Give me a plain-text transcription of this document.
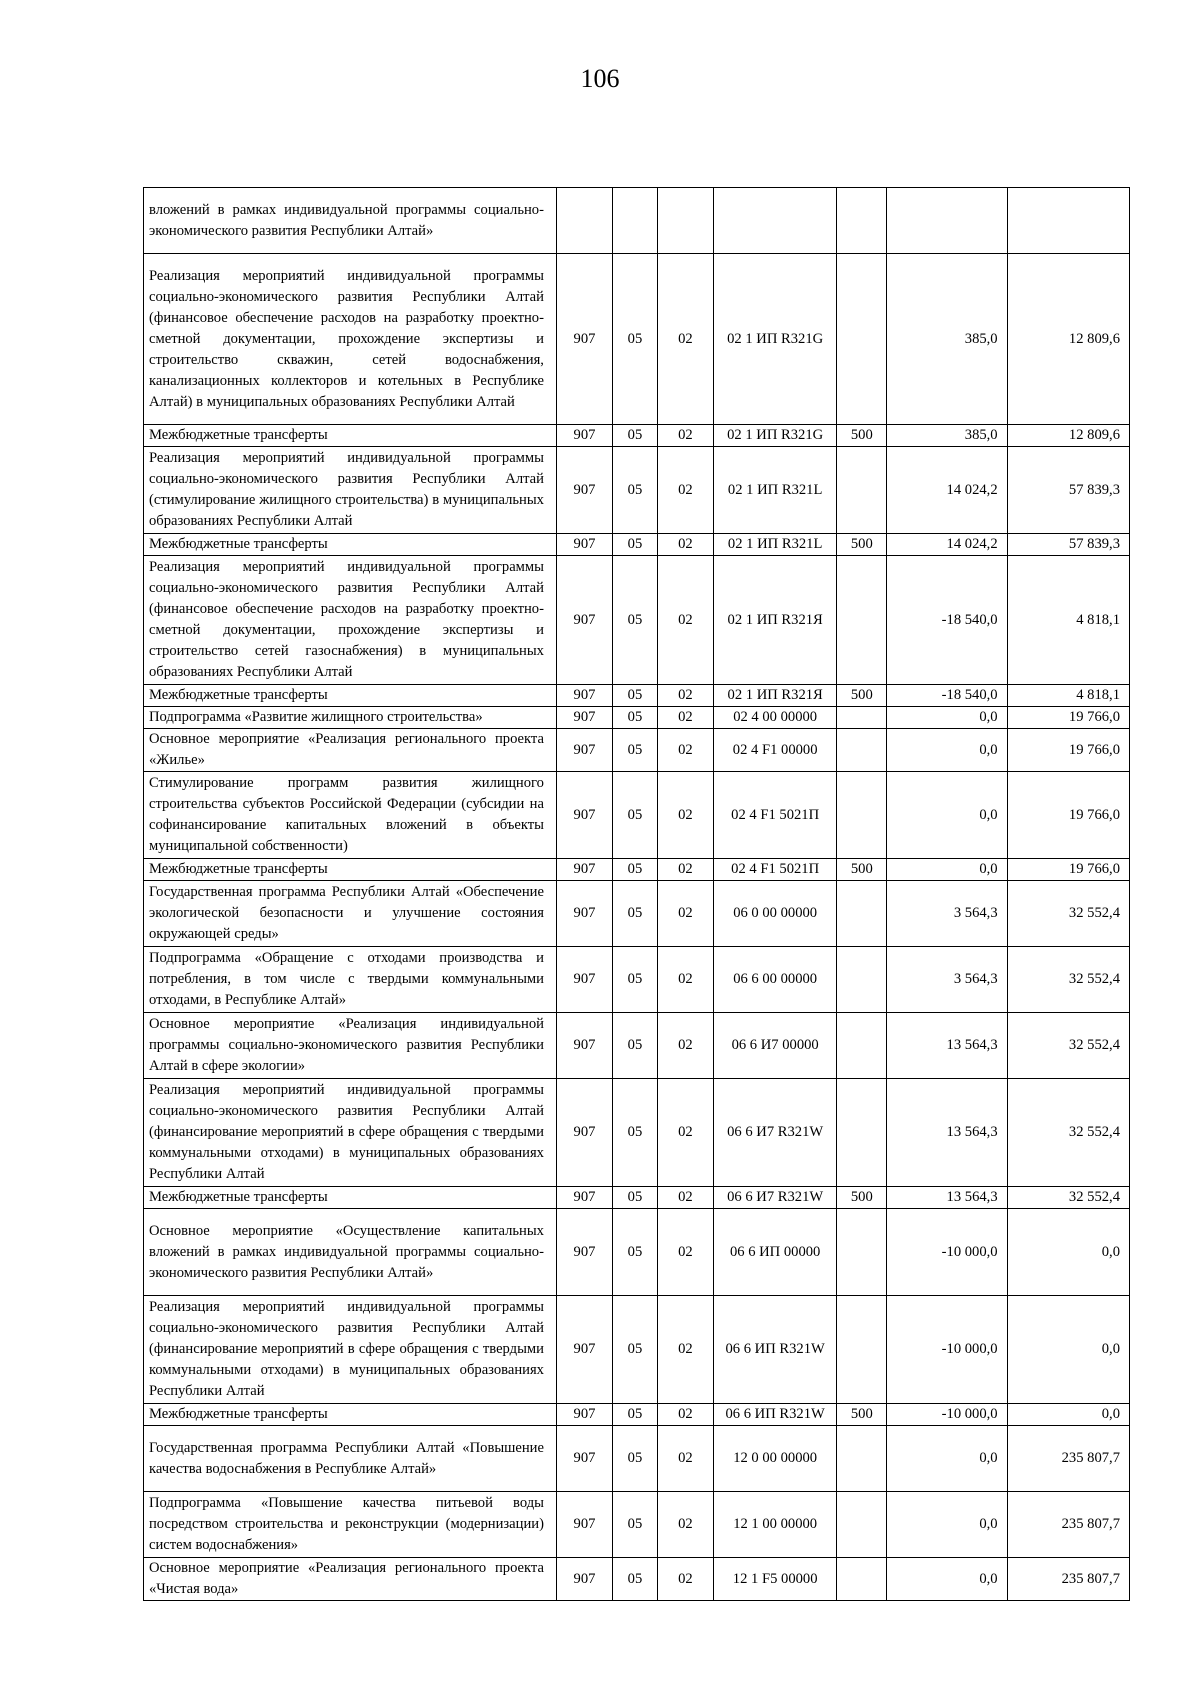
106
вложений в рамках индивидуальной программы социально-экономического развития Республики Алтай»							
Реализация мероприятий индивидуальной программы социально-экономического развития Республики Алтай (финансовое обеспечение расходов на разработку проектно-сметной документации, прохождение экспертизы и строительство скважин, сетей водоснабжения, канализационных коллекторов и котельных в Республике Алтай) в муниципальных образованиях Республики Алтай	907	05	02	02 1 ИП R321G		385,0	12 809,6
Межбюджетные трансферты	907	05	02	02 1 ИП R321G	500	385,0	12 809,6
Реализация мероприятий индивидуальной программы социально-экономического развития Республики Алтай (стимулирование жилищного строительства) в муниципальных образованиях Республики Алтай	907	05	02	02 1 ИП R321L		14 024,2	57 839,3
Межбюджетные трансферты	907	05	02	02 1 ИП R321L	500	14 024,2	57 839,3
Реализация мероприятий индивидуальной программы социально-экономического развития Республики Алтай (финансовое обеспечение расходов на разработку проектно-сметной документации, прохождение экспертизы и строительство сетей газоснабжения) в муниципальных образованиях Республики Алтай	907	05	02	02 1 ИП R321Я		-18 540,0	4 818,1
Межбюджетные трансферты	907	05	02	02 1 ИП R321Я	500	-18 540,0	4 818,1
Подпрограмма «Развитие жилищного строительства»	907	05	02	02 4 00 00000		0,0	19 766,0
Основное мероприятие «Реализация регионального проекта «Жилье»	907	05	02	02 4 F1 00000		0,0	19 766,0
Стимулирование программ развития жилищного строительства субъектов Российской Федерации (субсидии на софинансирование капитальных вложений в объекты муниципальной собственности)	907	05	02	02 4 F1 5021П		0,0	19 766,0
Межбюджетные трансферты	907	05	02	02 4 F1 5021П	500	0,0	19 766,0
Государственная программа Республики Алтай «Обеспечение экологической безопасности и улучшение состояния окружающей среды»	907	05	02	06 0 00 00000		3 564,3	32 552,4
Подпрограмма «Обращение с отходами производства и потребления, в том числе с твердыми коммунальными отходами, в Республике Алтай»	907	05	02	06 6 00 00000		3 564,3	32 552,4
Основное мероприятие «Реализация индивидуальной программы социально-экономического развития Республики Алтай в сфере экологии»	907	05	02	06 6 И7 00000		13 564,3	32 552,4
Реализация мероприятий индивидуальной программы социально-экономического развития Республики Алтай (финансирование мероприятий в сфере обращения с твердыми коммунальными отходами) в муниципальных образованиях Республики Алтай	907	05	02	06 6 И7 R321W		13 564,3	32 552,4
Межбюджетные трансферты	907	05	02	06 6 И7 R321W	500	13 564,3	32 552,4
Основное мероприятие «Осуществление капитальных вложений в рамках индивидуальной программы социально-экономического развития Республики Алтай»	907	05	02	06 6 ИП 00000		-10 000,0	0,0
Реализация мероприятий индивидуальной программы социально-экономического развития Республики Алтай (финансирование мероприятий в сфере обращения с твердыми коммунальными отходами) в муниципальных образованиях Республики Алтай	907	05	02	06 6 ИП R321W		-10 000,0	0,0
Межбюджетные трансферты	907	05	02	06 6 ИП R321W	500	-10 000,0	0,0
Государственная программа Республики Алтай «Повышение качества водоснабжения в Республике Алтай»	907	05	02	12 0 00 00000		0,0	235 807,7
Подпрограмма «Повышение качества питьевой воды посредством строительства и реконструкции (модернизации) систем водоснабжения»	907	05	02	12 1 00 00000		0,0	235 807,7
Основное мероприятие «Реализация регионального проекта «Чистая вода»	907	05	02	12 1 F5 00000		0,0	235 807,7
